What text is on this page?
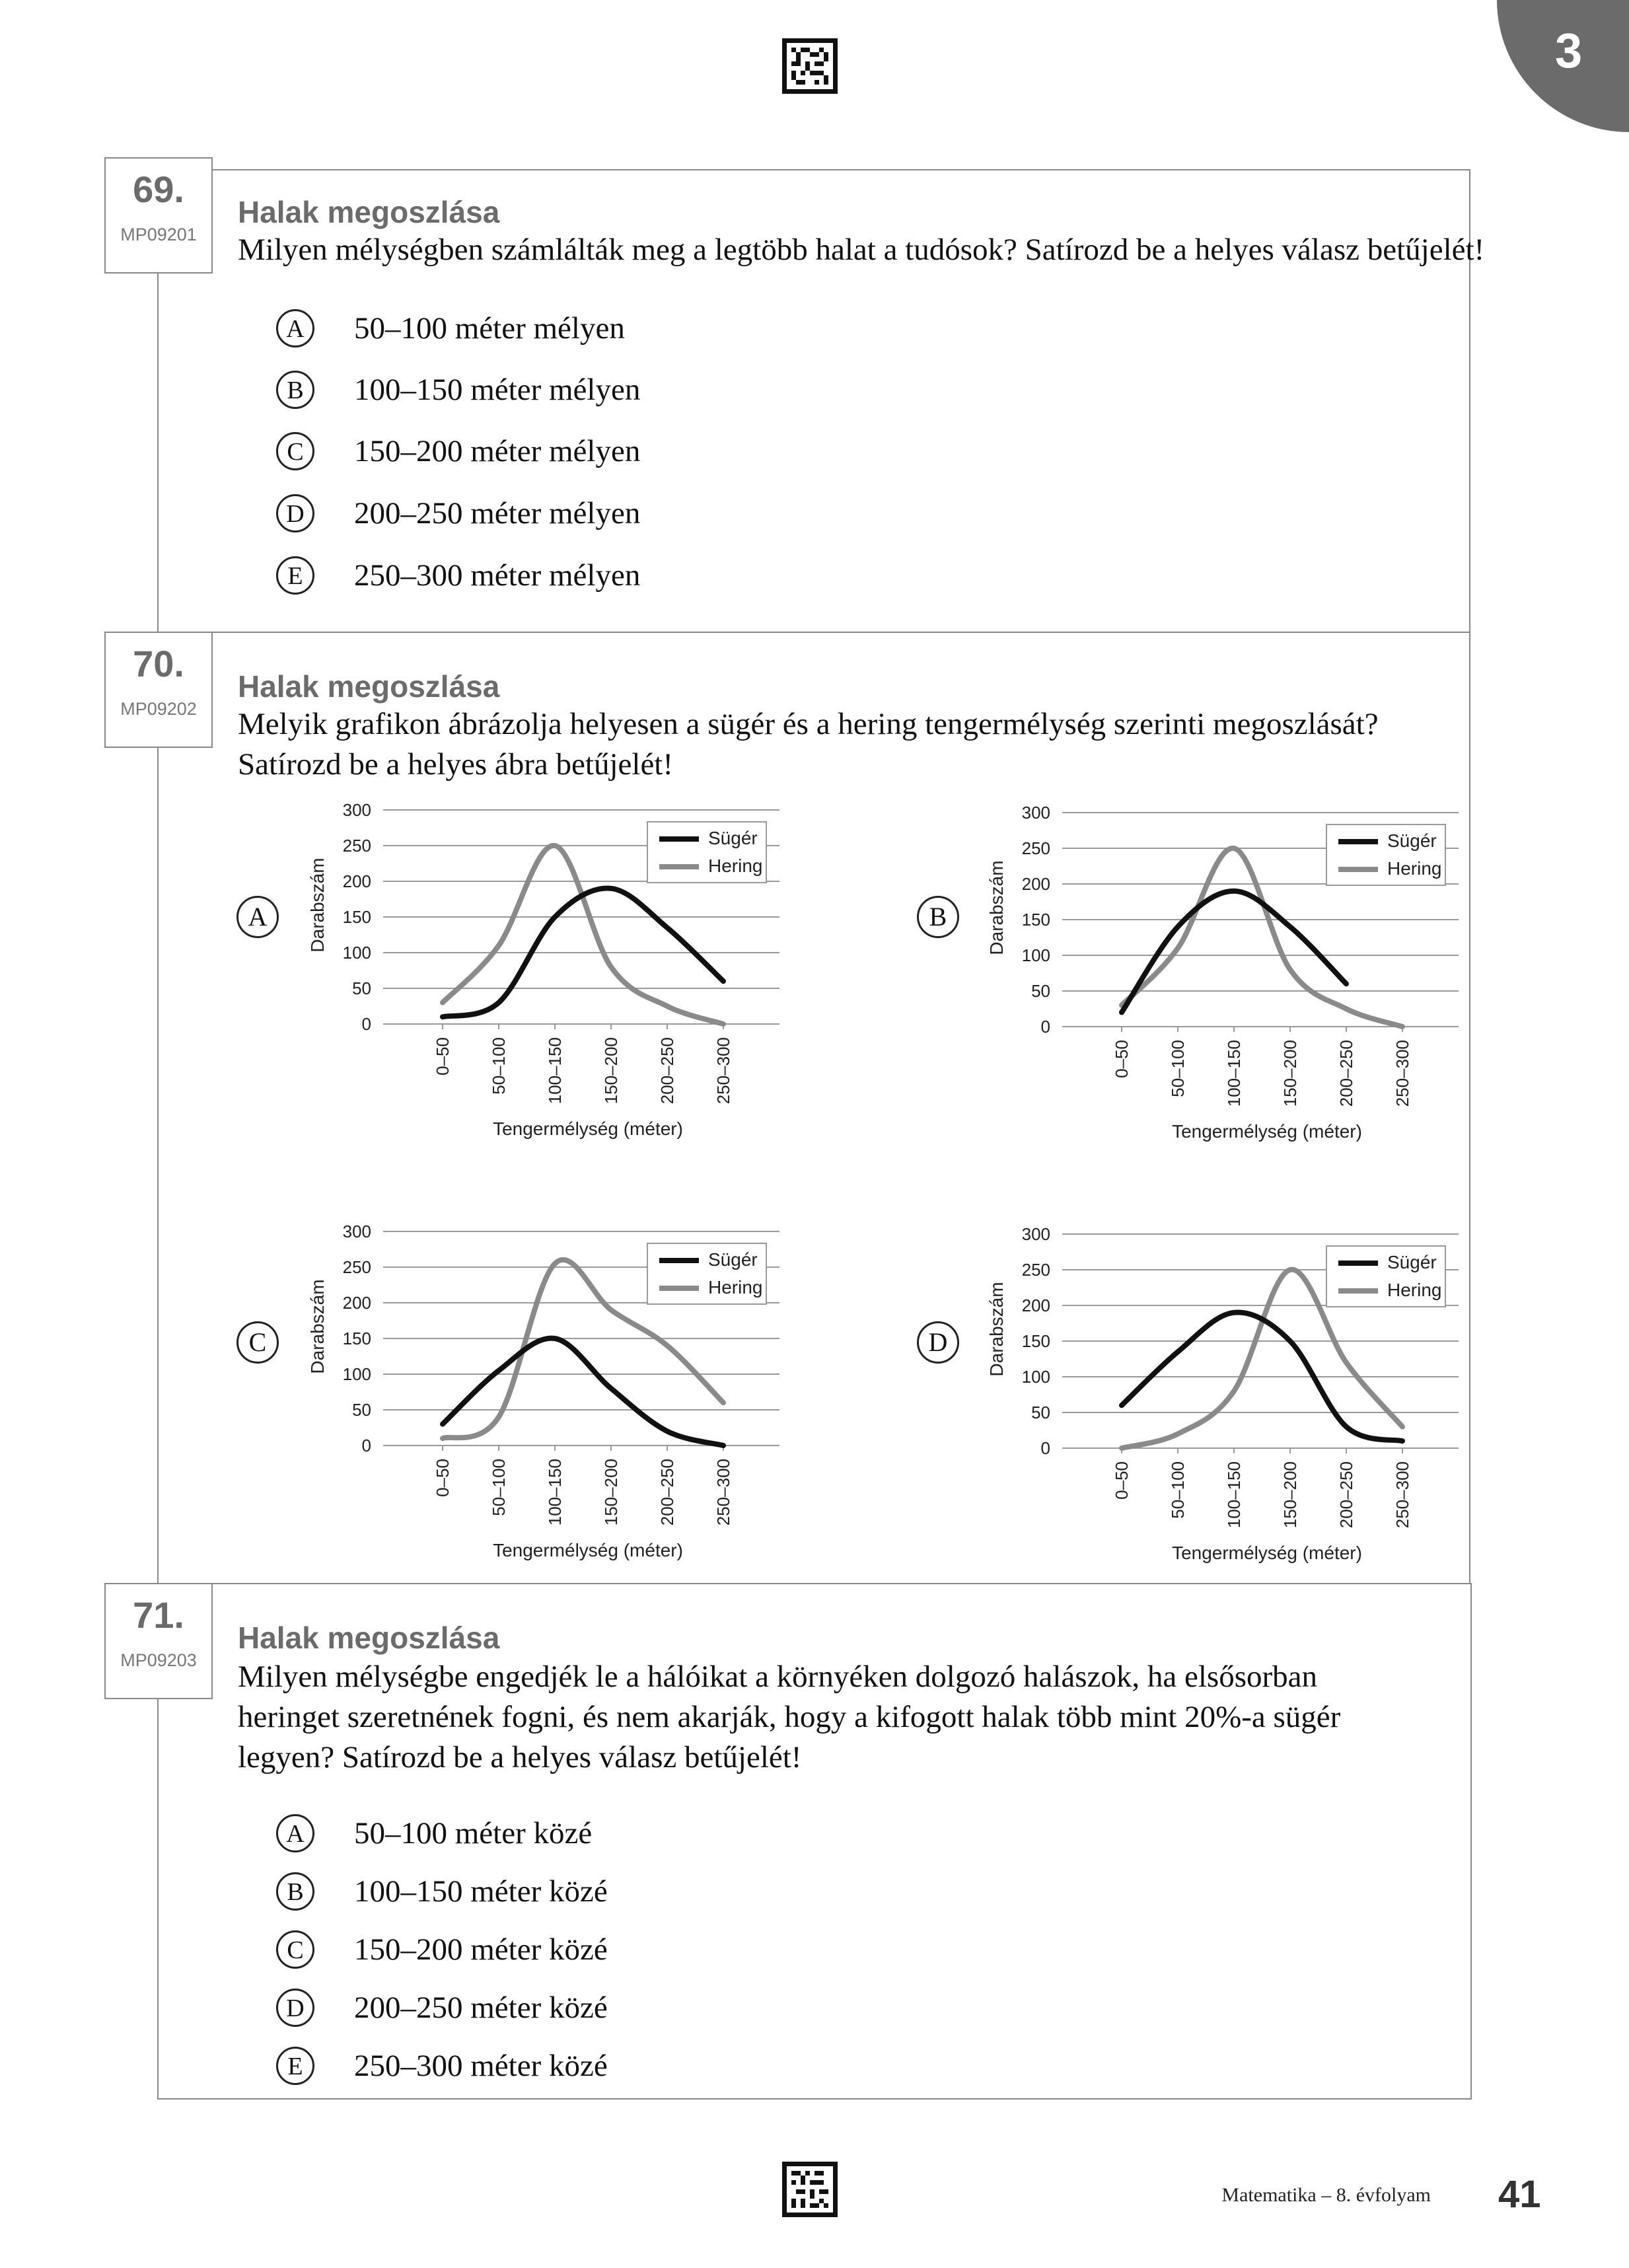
3
69.
MP09201
Halak megoszlása
Milyen mélységben számlálták meg a legtöbb halat a tudósok? Satírozd be a helyes válasz betűjelét!
A	50–100 méter mélyen
B	100–150 méter mélyen
C	150–200 méter mélyen
D	200–250 méter mélyen
E	250–300 méter mélyen
70.
MP09202
Halak megoszlása
Melyik grafikon ábrázolja helyesen a sügér és a hering tengermélység szerinti megoszlását?
Satírozd be a helyes ábra betűjelét!
A	B
C	D
0
50
100
150
200
250
300
0–50 50–100 100–150 150–200 200–250 250–300
Tengermélység (méter)
Darabszám
Sügér
Hering
0
50
100
150
200
250
300
0–50 50–100 100–150 150–200 200–250 250–300
Tengermélység (méter)
Darabszám
Sügér
Hering
0
50
100
150
200
250
300
0–50 50–100 100–150 150–200 200–250 250–300
Tengermélység (méter)
Darabszám
Sügér
Hering
0
50
100
150
200
250
300
0–50 50–100 100–150 150–200 200–250 250–300
Tengermélység (méter)
Darabszám
Sügér
Hering
71.
MP09203
Halak megoszlása
Milyen mélységbe engedjék le a hálóikat a környéken dolgozó halászok, ha elsősorban
heringet szeretnének fogni, és nem akarják, hogy a kifogott halak több mint 20%-a sügér
legyen? Satírozd be a helyes válasz betűjelét!
A	50–100 méter közé
B	100–150 méter közé
C	150–200 méter közé
D	200–250 méter közé
E	250–300 méter közé
Matematika – 8. évfolyam 41
